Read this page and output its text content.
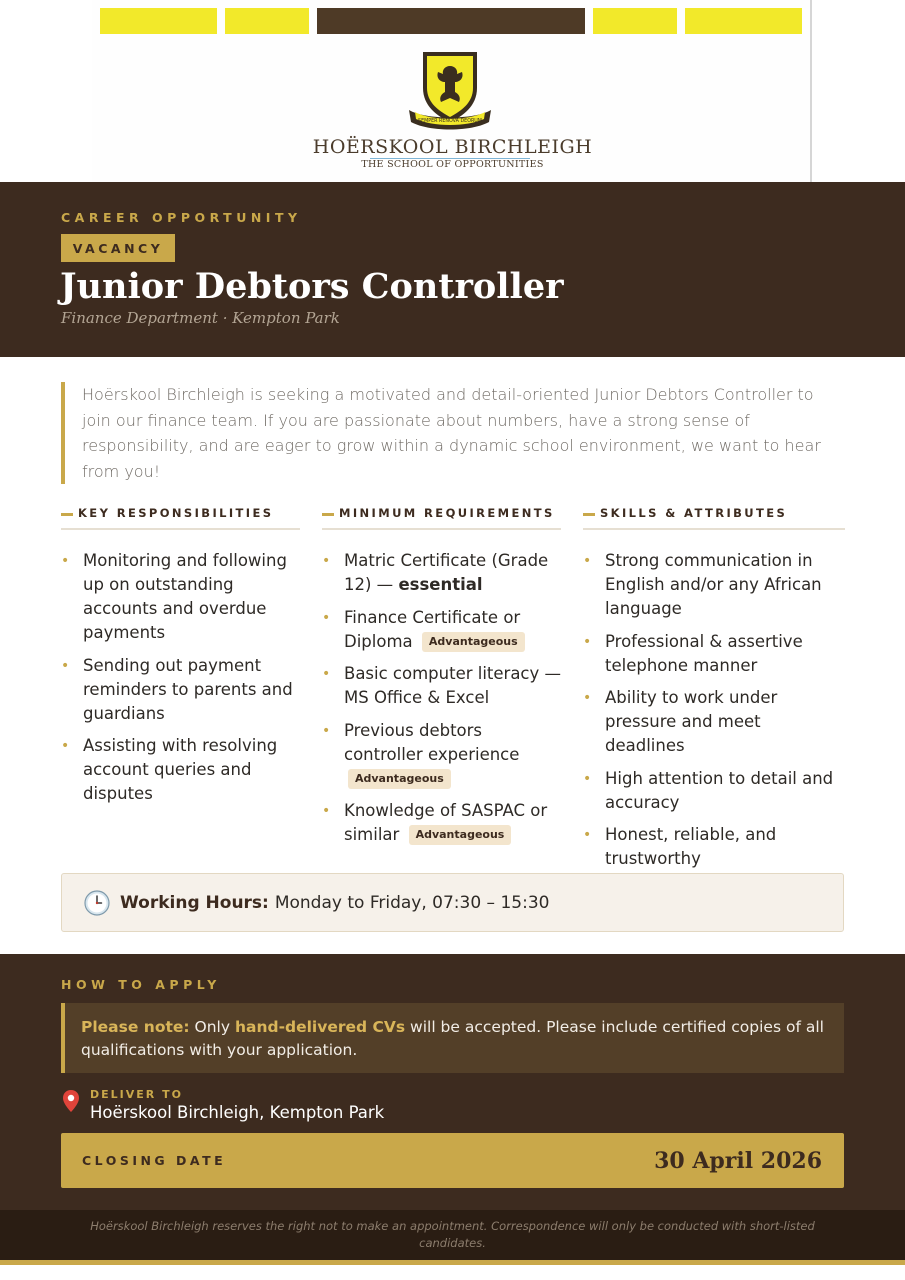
SEMPER RENOVA DEORUM
HOËRSKOOL BIRCHLEIGH
THE SCHOOL OF OPPORTUNITIES
CAREER OPPORTUNITY
VACANCY
Junior Debtors Controller
Finance Department · Kempton Park

Hoërskool Birchleigh is seeking a motivated and detail-oriented Junior Debtors Controller to join our finance team. If you are passionate about numbers, have a strong sense of responsibility, and are eager to grow within a dynamic school environment, we want to hear from you!

KEY RESPONSIBILITIES
• Monitoring and following up on outstanding accounts and overdue payments
• Sending out payment reminders to parents and guardians
• Assisting with resolving account queries and disputes
MINIMUM REQUIREMENTS
• Matric Certificate (Grade 12) — essential
• Finance Certificate or Diploma Advantageous
• Basic computer literacy — MS Office & Excel
• Previous debtors controller experience Advantageous
• Knowledge of SASPAC or similar Advantageous
SKILLS & ATTRIBUTES
• Strong communication in English and/or any African language
• Professional & assertive telephone manner
• Ability to work under pressure and meet deadlines
• High attention to detail and accuracy
• Honest, reliable, and trustworthy
Working Hours: Monday to Friday, 07:30 – 15:30
HOW TO APPLY
Please note: Only hand-delivered CVs will be accepted. Please include certified copies of all qualifications with your application.
DELIVER TO
Hoërskool Birchleigh, Kempton Park
CLOSING DATE	30 April 2026
Hoërskool Birchleigh reserves the right not to make an appointment. Correspondence will only be conducted with short-listed candidates.
